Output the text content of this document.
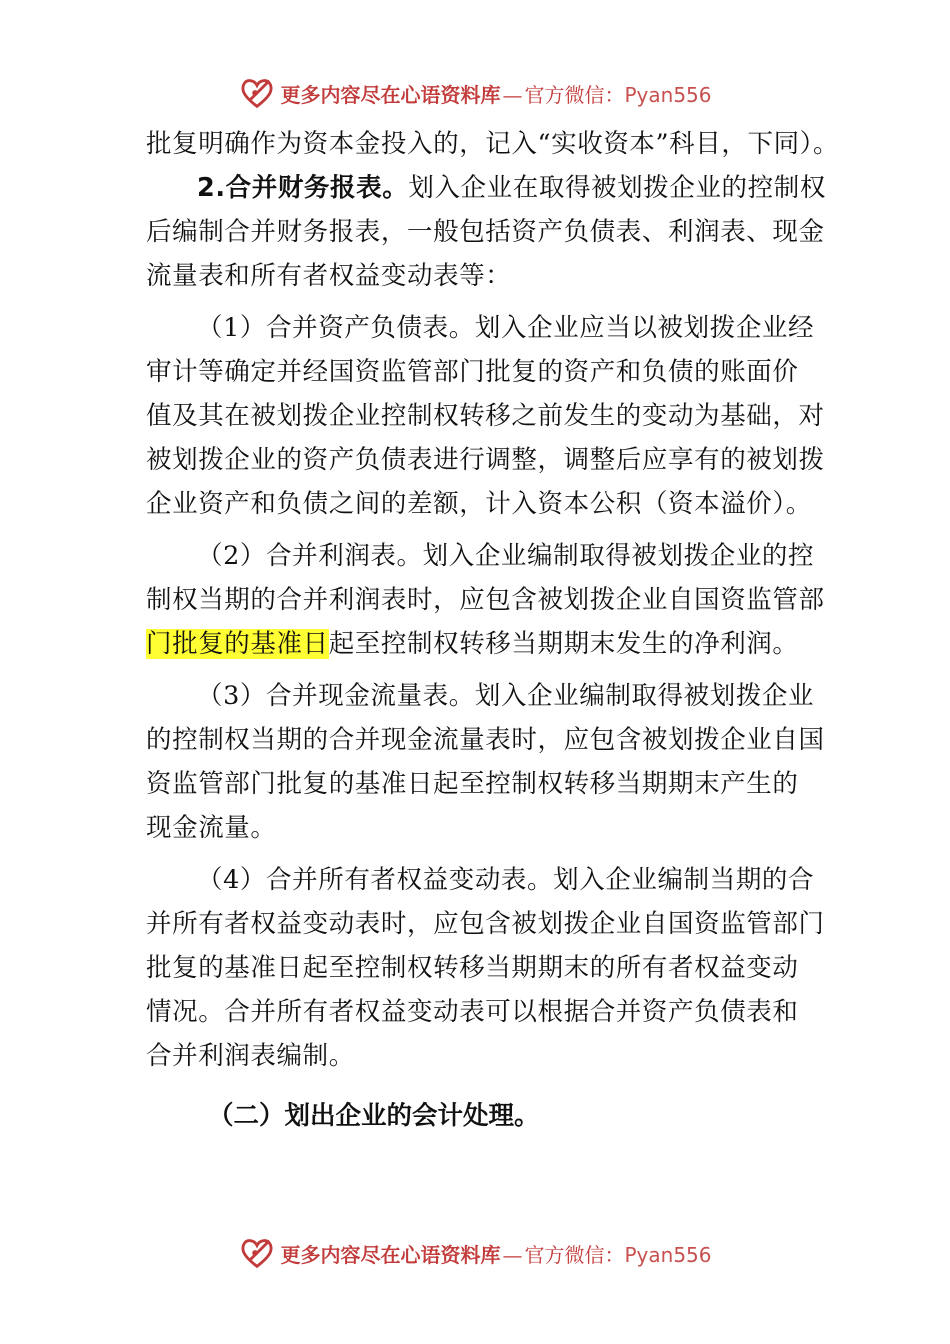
更多内容尽在心语资料库 — 官方微信：Pyan556
批复明确作为资本金投入的，记入“实收资本”科目，下同）。
2.合并财务报表。划入企业在取得被划拨企业的控制权
后编制合并财务报表，一般包括资产负债表、利润表、现金
流量表和所有者权益变动表等：
（1）合并资产负债表。划入企业应当以被划拨企业经
审计等确定并经国资监管部门批复的资产和负债的账面价
值及其在被划拨企业控制权转移之前发生的变动为基础，对
被划拨企业的资产负债表进行调整，调整后应享有的被划拨
企业资产和负债之间的差额，计入资本公积（资本溢价）。
（2）合并利润表。划入企业编制取得被划拨企业的控
制权当期的合并利润表时，应包含被划拨企业自国资监管部
门批复的基准日起至控制权转移当期期末发生的净利润。
（3）合并现金流量表。划入企业编制取得被划拨企业
的控制权当期的合并现金流量表时，应包含被划拨企业自国
资监管部门批复的基准日起至控制权转移当期期末产生的
现金流量。
（4）合并所有者权益变动表。划入企业编制当期的合
并所有者权益变动表时，应包含被划拨企业自国资监管部门
批复的基准日起至控制权转移当期期末的所有者权益变动
情况。合并所有者权益变动表可以根据合并资产负债表和
合并利润表编制。
（二）划出企业的会计处理。
更多内容尽在心语资料库 — 官方微信：Pyan556
